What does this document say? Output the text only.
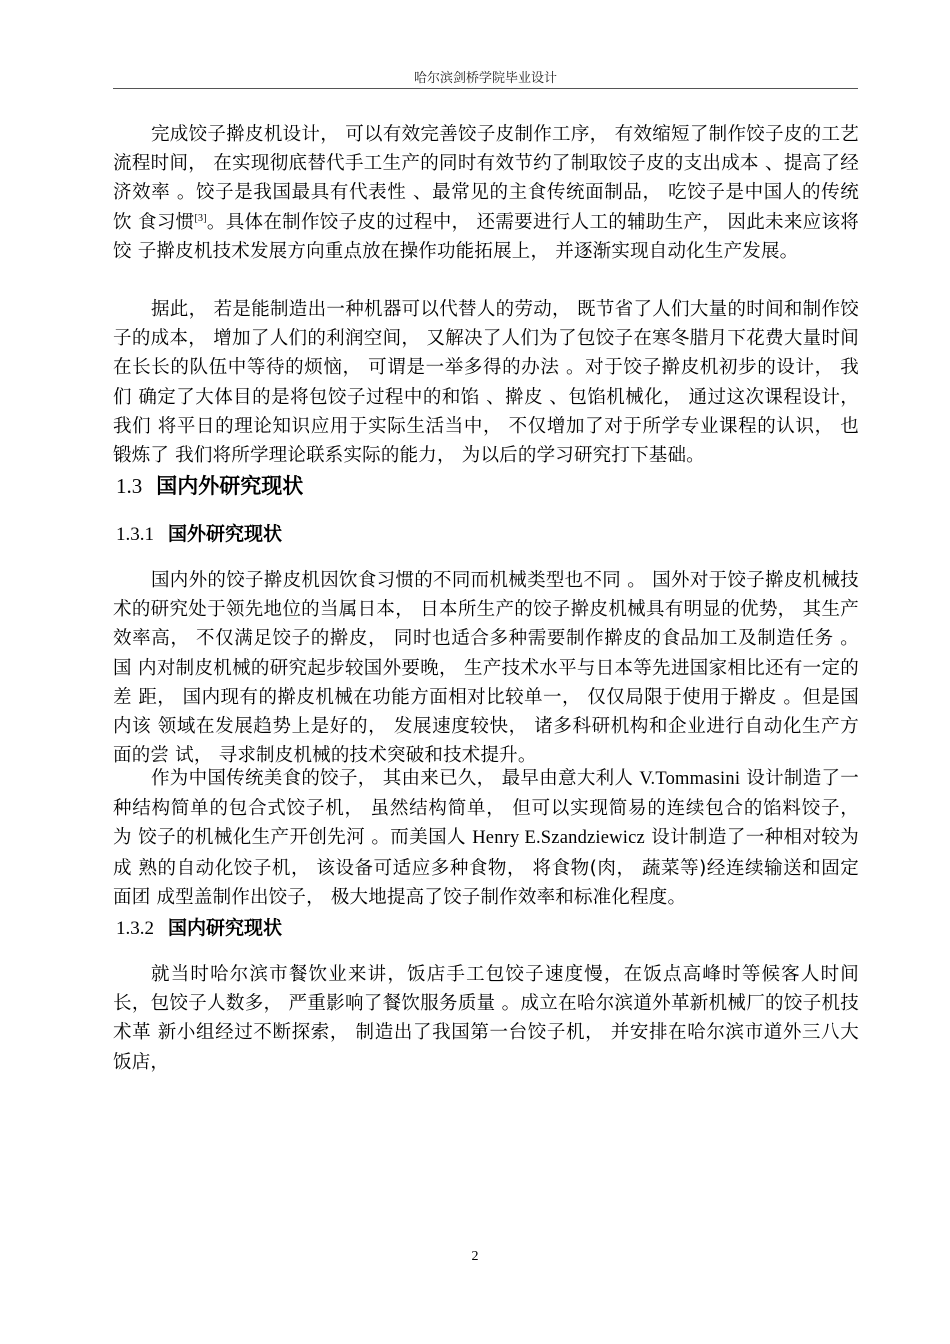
哈尔滨剑桥学院毕业设计

完成饺子擀皮机设计， 可以有效完善饺子皮制作工序， 有效缩短了制作饺子皮的工艺 流程时间， 在实现彻底替代手工生产的同时有效节约了制取饺子皮的支出成本 、提高了经 济效率 。饺子是我国最具有代表性 、最常见的主食传统面制品， 吃饺子是中国人的传统饮 食习惯[3]。具体在制作饺子皮的过程中， 还需要进行人工的辅助生产， 因此未来应该将饺 子擀皮机技术发展方向重点放在操作功能拓展上， 并逐渐实现自动化生产发展。

据此， 若是能制造出一种机器可以代替人的劳动， 既节省了人们大量的时间和制作饺 子的成本， 增加了人们的利润空间， 又解决了人们为了包饺子在寒冬腊月下花费大量时间 在长长的队伍中等待的烦恼， 可谓是一举多得的办法 。对于饺子擀皮机初步的设计， 我们 确定了大体目的是将包饺子过程中的和馅 、擀皮 、包馅机械化， 通过这次课程设计， 我们 将平日的理论知识应用于实际生活当中， 不仅增加了对于所学专业课程的认识， 也锻炼了 我们将所学理论联系实际的能力， 为以后的学习研究打下基础。

1.3 国内外研究现状
1.3.1 国外研究现状

国内外的饺子擀皮机因饮食习惯的不同而机械类型也不同 。 国外对于饺子擀皮机械技 术的研究处于领先地位的当属日本， 日本所生产的饺子擀皮机械具有明显的优势， 其生产 效率高， 不仅满足饺子的擀皮， 同时也适合多种需要制作擀皮的食品加工及制造任务 。 国 内对制皮机械的研究起步较国外要晚， 生产技术水平与日本等先进国家相比还有一定的差 距， 国内现有的擀皮机械在功能方面相对比较单一， 仅仅局限于使用于擀皮 。但是国内该 领域在发展趋势上是好的， 发展速度较快， 诸多科研机构和企业进行自动化生产方面的尝 试， 寻求制皮机械的技术突破和技术提升。

作为中国传统美食的饺子， 其由来已久， 最早由意大利人 V.Tommasini 设计制造了一 种结构简单的包合式饺子机， 虽然结构简单， 但可以实现简易的连续包合的馅料饺子， 为 饺子的机械化生产开创先河 。而美国人 Henry E.Szandziewicz 设计制造了一种相对较为成 熟的自动化饺子机， 该设备可适应多种食物， 将食物(肉， 蔬菜等)经连续输送和固定面团 成型盖制作出饺子， 极大地提高了饺子制作效率和标准化程度。

1.3.2 国内研究现状

就当时哈尔滨市餐饮业来讲，饭店手工包饺子速度慢，在饭点高峰时等候客人时间长，包饺子人数多， 严重影响了餐饮服务质量 。成立在哈尔滨道外革新机械厂的饺子机技术革 新小组经过不断探索， 制造出了我国第一台饺子机， 并安排在哈尔滨市道外三八大饭店，

2
